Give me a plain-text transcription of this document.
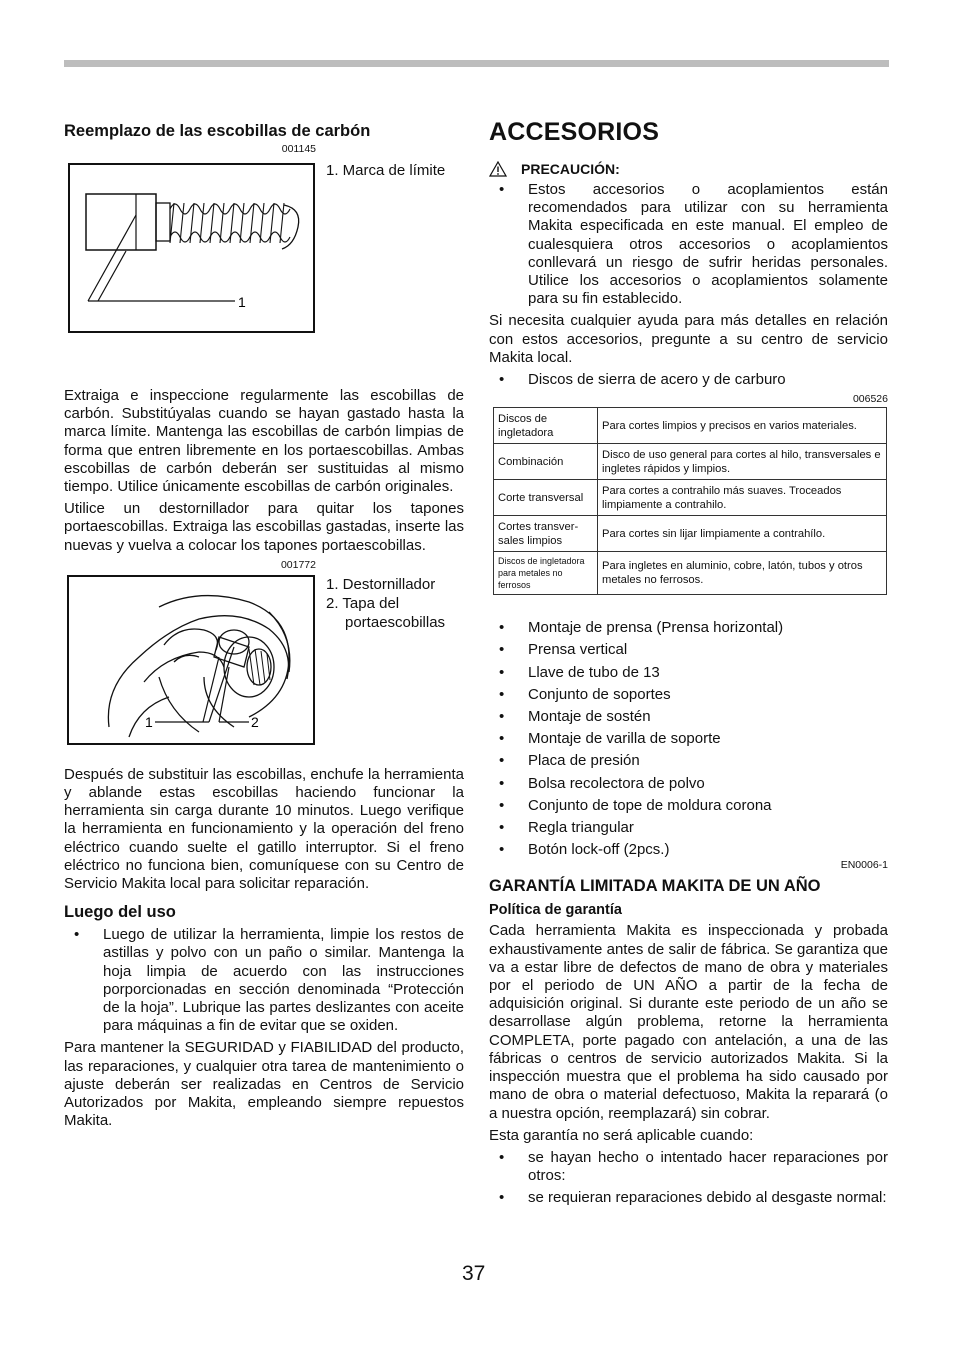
Reemplazo de las escobillas de carbón
001145
1
1. Marca de límite

Extraiga e inspeccione regularmente las escobillas de carbón. Substitúyalas cuando se hayan gastado hasta la marca límite. Mantenga las escobillas de carbón limpias de forma que entren libremente en los portaescobillas. Ambas escobillas de carbón deberán ser sustituidas al mismo tiempo. Utilice únicamente escobillas de carbón originales.

Utilice un destornillador para quitar los tapones portaescobillas. Extraiga las escobillas gastadas, inserte las nuevas y vuelva a colocar los tapones portaescobillas.

001772
1	2
1. Destornillador
2. Tapa del
portaescobillas

Después de substituir las escobillas, enchufe la herramienta y ablande estas escobillas haciendo funcionar la herramienta sin carga durante 10 minutos. Luego verifique la herramienta en funcionamiento y la operación del freno eléctrico cuando suelte el gatillo interruptor. Si el freno eléctrico no funciona bien, comuníquese con su Centro de Servicio Makita local para solicitar reparación.

Luego del uso
• Luego de utilizar la herramienta, limpie los restos de astillas y polvo con un paño o similar. Mantenga la hoja limpia de acuerdo con las instrucciones porporcionadas en sección denominada “Protección de la hoja”. Lubrique las partes deslizantes con aceite para máquinas a fin de evitar que se oxiden.

Para mantener la SEGURIDAD y FIABILIDAD del producto, las reparaciones, y cualquier otra tarea de mantenimiento o ajuste deberán ser realizadas en Centros de Servicio Autorizados por Makita, empleando siempre repuestos Makita.

ACCESORIOS
PRECAUCIÓN:
• Estos accesorios o acoplamientos están recomendados para utilizar con su herramienta Makita especificada en este manual. El empleo de cualesquiera otros accesorios o acoplamientos conllevará un riesgo de sufrir heridas personales. Utilice los accesorios o acoplamientos solamente para su fin establecido.

Si necesita cualquier ayuda para más detalles en relación con estos accesorios, pregunte a su centro de servicio Makita local.

• Discos de sierra de acero y de carburo
006526
Discos de ingletadora	Para cortes limpios y precisos en varios materiales.
Combinación	Disco de uso general para cortes al hilo, transversales e ingletes rápidos y limpios.
Corte transversal	Para cortes a contrahilo más suaves. Troceados limpiamente a contrahilo.
Cortes transver-sales limpios	Para cortes sin lijar limpiamente a contrahílo.
Discos de ingletadora para metales no ferrosos	Para ingletes en aluminio, cobre, latón, tubos y otros metales no ferrosos.
• Montaje de prensa (Prensa horizontal)
• Prensa vertical
• Llave de tubo de 13
• Conjunto de soportes
• Montaje de sostén
• Montaje de varilla de soporte
• Placa de presión
• Bolsa recolectora de polvo
• Conjunto de tope de moldura corona
• Regla triangular
• Botón lock-off (2pcs.)
EN0006-1
GARANTÍA LIMITADA MAKITA DE UN AÑO
Política de garantía

Cada herramienta Makita es inspeccionada y probada exhaustivamente antes de salir de fábrica. Se garantiza que va a estar libre de defectos de mano de obra y materiales por el periodo de UN AÑO a partir de la fecha de adquisición original. Si durante este periodo de un año se desarrollase algún problema, retorne la herramienta COMPLETA, porte pagado con antelación, a una de las fábricas o centros de servicio autorizados Makita. Si la inspección muestra que el problema ha sido causado por mano de obra o material defectuoso, Makita la reparará (o a nuestra opción, reemplazará) sin cobrar.

Esta garantía no será aplicable cuando:

• se hayan hecho o intentado hacer reparaciones por otros:
• se requieran reparaciones debido al desgaste normal:
37
